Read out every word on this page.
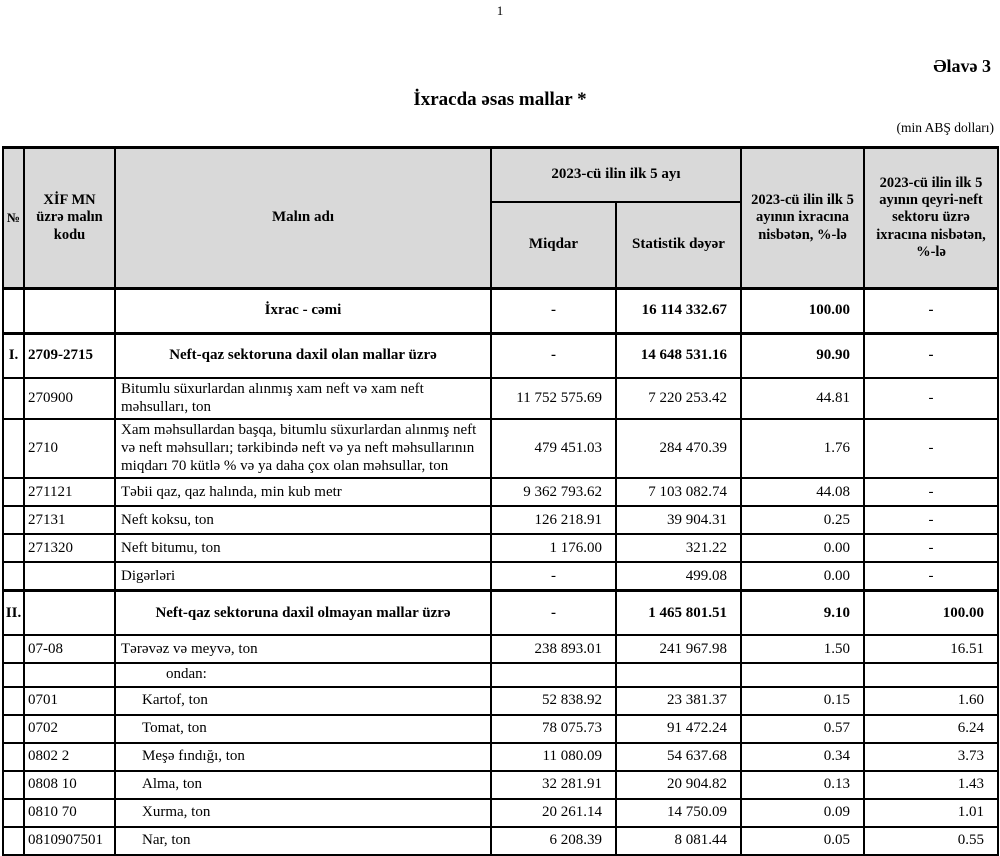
1
Əlavə 3
İxracda əsas mallar *
(min ABŞ dolları)
№	XİF MN üzrə malın kodu	Malın adı	2023-cü ilin ilk 5 ayı		2023-cü ilin ilk 5 ayının ixracına nisbətən, %-lə	2023-cü ilin ilk 5 ayının qeyri-neft sektoru üzrə ixracına nisbətən, %-lə
			Miqdar	Statistik dəyər		
		İxrac - cəmi	-	16 114 332.67	100.00	-
I.	2709-2715	Neft-qaz sektoruna daxil olan mallar üzrə	-	14 648 531.16	90.90	-
	270900	Bitumlu süxurlardan alınmış xam neft və xam neft məhsulları, ton	11 752 575.69	7 220 253.42	44.81	-
	2710	Xam məhsullardan başqa, bitumlu süxurlardan alınmış neft və neft məhsulları; tərkibində neft və ya neft məhsullarının miqdarı 70 kütlə % və ya daha çox olan məhsullar, ton	479 451.03	284 470.39	1.76	-
	271121	Təbii qaz, qaz halında, min kub metr	9 362 793.62	7 103 082.74	44.08	-
	27131	Neft koksu, ton	126 218.91	39 904.31	0.25	-
	271320	Neft bitumu, ton	1 176.00	321.22	0.00	-
		Digərləri	-	499.08	0.00	-
II.		Neft-qaz sektoruna daxil olmayan mallar üzrə	-	1 465 801.51	9.10	100.00
	07-08	Tərəvəz və meyvə, ton	238 893.01	241 967.98	1.50	16.51
		ondan:				
	0701	Kartof, ton	52 838.92	23 381.37	0.15	1.60
	0702	Tomat, ton	78 075.73	91 472.24	0.57	6.24
	0802 2	Meşə fındığı, ton	11 080.09	54 637.68	0.34	3.73
	0808 10	Alma, ton	32 281.91	20 904.82	0.13	1.43
	0810 70	Xurma, ton	20 261.14	14 750.09	0.09	1.01
	0810907501	Nar, ton	6 208.39	8 081.44	0.05	0.55
